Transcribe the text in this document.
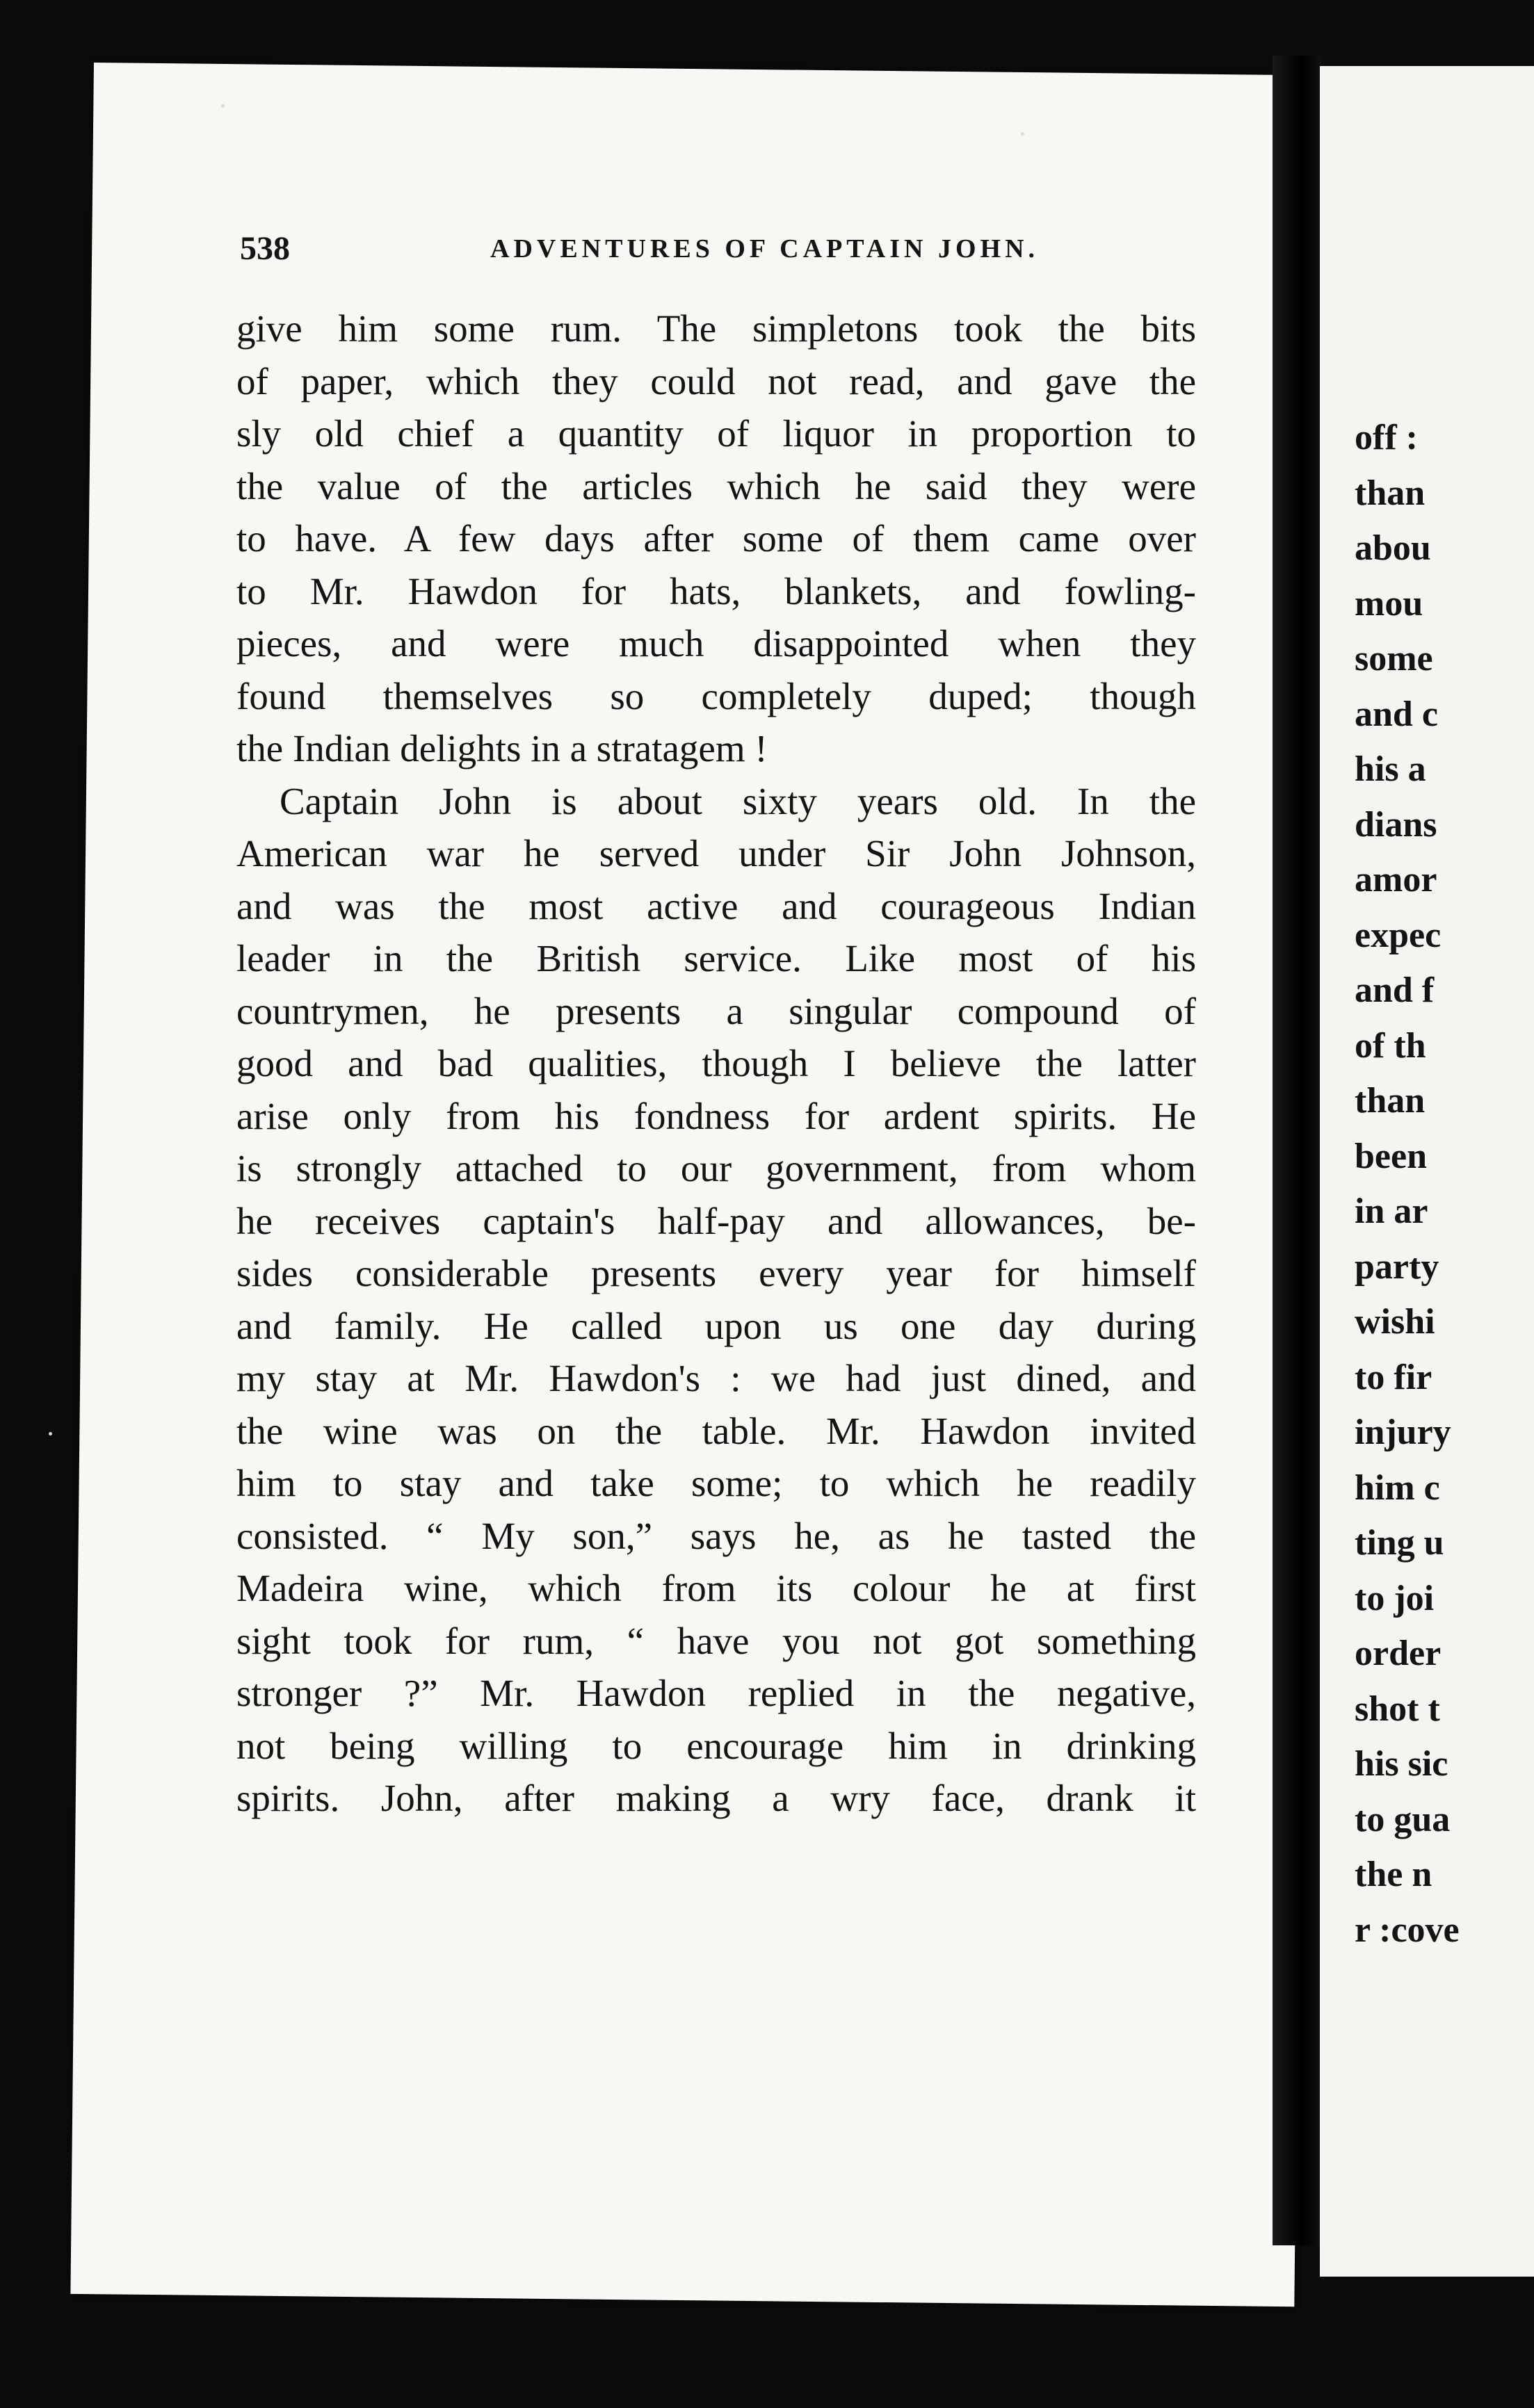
off :
than
abou
mou
some
and c
his a
dians
amor
expec
and f
of th
than
been
in ar
party
wishi
to fir
injury
him c
ting u
to joi
order
shot t
his sic
to gua
the n
r :cove
538	ADVENTURES OF CAPTAIN JOHN.
give him some rum. The simpletons took the bits
of paper, which they could not read, and gave the
sly old chief a quantity of liquor in proportion to
the value of the articles which he said they were
to have. A few days after some of them came over
to Mr. Hawdon for hats, blankets, and fowling-
pieces, and were much disappointed when they
found themselves so completely duped; though
the Indian delights in a stratagem !
Captain John is about sixty years old. In the
American war he served under Sir John Johnson,
and was the most active and courageous Indian
leader in the British service. Like most of his
countrymen, he presents a singular compound of
good and bad qualities, though I believe the latter
arise only from his fondness for ardent spirits. He
is strongly attached to our government, from whom
he receives captain's half-pay and allowances, be-
sides considerable presents every year for himself
and family. He called upon us one day during
my stay at Mr. Hawdon's : we had just dined, and
the wine was on the table. Mr. Hawdon invited
him to stay and take some; to which he readily
consisted. “ My son,” says he, as he tasted the
Madeira wine, which from its colour he at first
sight took for rum, “ have you not got something
stronger ?” Mr. Hawdon replied in the negative,
not being willing to encourage him in drinking
spirits. John, after making a wry face, drank it
